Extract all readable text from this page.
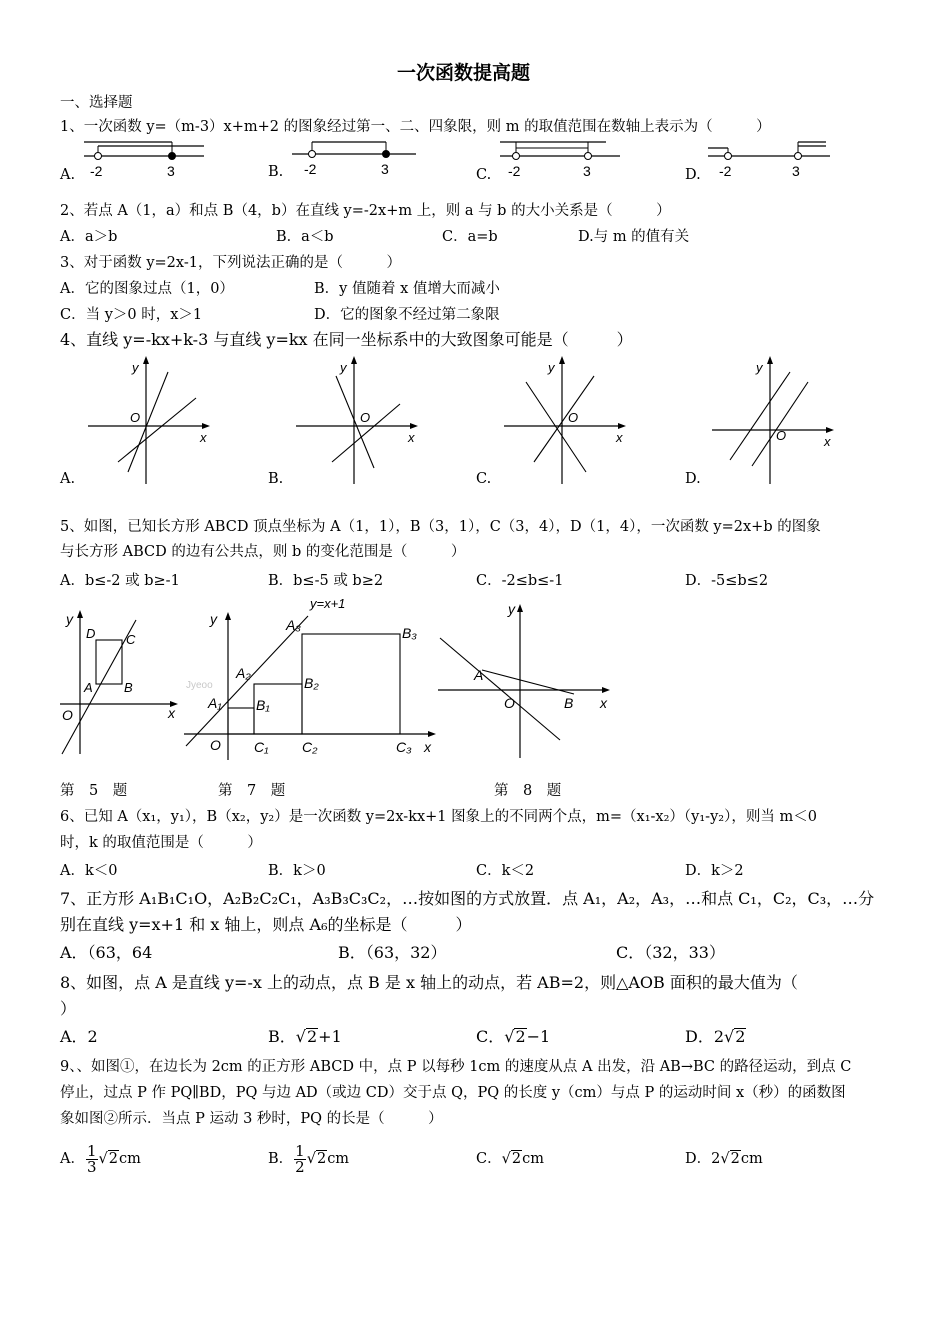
一次函数提高题
一、选择题
1、一次函数 y=（m-3）x+m+2 的图象经过第一、二、四象限，则 m 的取值范围在数轴上表示为（　　　）
A.	B.	C.	D.
-2	3	-2	3	-2	3	-2	3
2、若点 A（1，a）和点 B（4，b）在直线 y=-2x+m 上，则 a 与 b 的大小关系是（　　　）
A．a＞b	B．a＜b	C．a=b	D.与 m 的值有关
3、对于函数 y=2x-1，下列说法正确的是（　　　）
A．它的图象过点（1，0）	B．y 值随着 x 值增大而减小
C．当 y＞0 时，x＞1	D．它的图象不经过第二象限
4、直线 y=-kx+k-3 与直线 y=kx 在同一坐标系中的大致图象可能是（　　　）
y
x
O
y
x
O
y
x
O
y
x
O
A.	B.	C.	D.
5、如图，已知长方形 ABCD 顶点坐标为 A（1，1），B（3，1），C（3，4），D（1，4），一次函数 y=2x+b 的图象
与长方形 ABCD 的边有公共点，则 b 的变化范围是（　　　）
A．b≤-2 或 b≥-1	B．b≤-5 或 b≥2	C．-2≤b≤-1	D．-5≤b≤2
y
x
O
A B
C
D
y
x
O
Jyeoo
A₁
A₂
A₃
B₁
B₂
B₃
C₁ C₂	C₃
y=x+1	y
x
O
A
B
第　5　题	第　7　题	第　8　题
6、已知 A（x₁，y₁），B（x₂，y₂）是一次函数 y=2x-kx+1 图象上的不同两个点，m=（x₁-x₂）（y₁-y₂），则当 m＜0
时，k 的取值范围是（　　　）
A．k＜0	B．k＞0	C．k＜2	D．k＞2
7、正方形 A₁B₁C₁O，A₂B₂C₂C₁，A₃B₃C₃C₂，…按如图的方式放置．点 A₁，A₂，A₃，…和点 C₁，C₂，C₃，…分
别在直线 y=x+1 和 x 轴上，则点 A₆的坐标是（　　　）
A．（63，64	B．（63，32）	C．（32，33）
8、如图，点 A 是直线 y=-x 上的动点，点 B 是 x 轴上的动点，若 AB=2，则△AOB 面积的最大值为（
）
A．2	B．√2+1	C．√2−1	D．2√2
9、、如图①，在边长为 2cm 的正方形 ABCD 中，点 P 以每秒 1cm 的速度从点 A 出发，沿 AB→BC 的路径运动，到点 C
停止，过点 P 作 PQ∥BD，PQ 与边 AD（或边 CD）交于点 Q，PQ 的长度 y（cm）与点 P 的运动时间 x（秒）的函数图
象如图②所示．当点 P 运动 3 秒时，PQ 的长是（　　　）
A． $\frac{1}{3} √2cm$	B． $\frac{1}{2} √2cm$	C．√2cm	D．2√2cm
